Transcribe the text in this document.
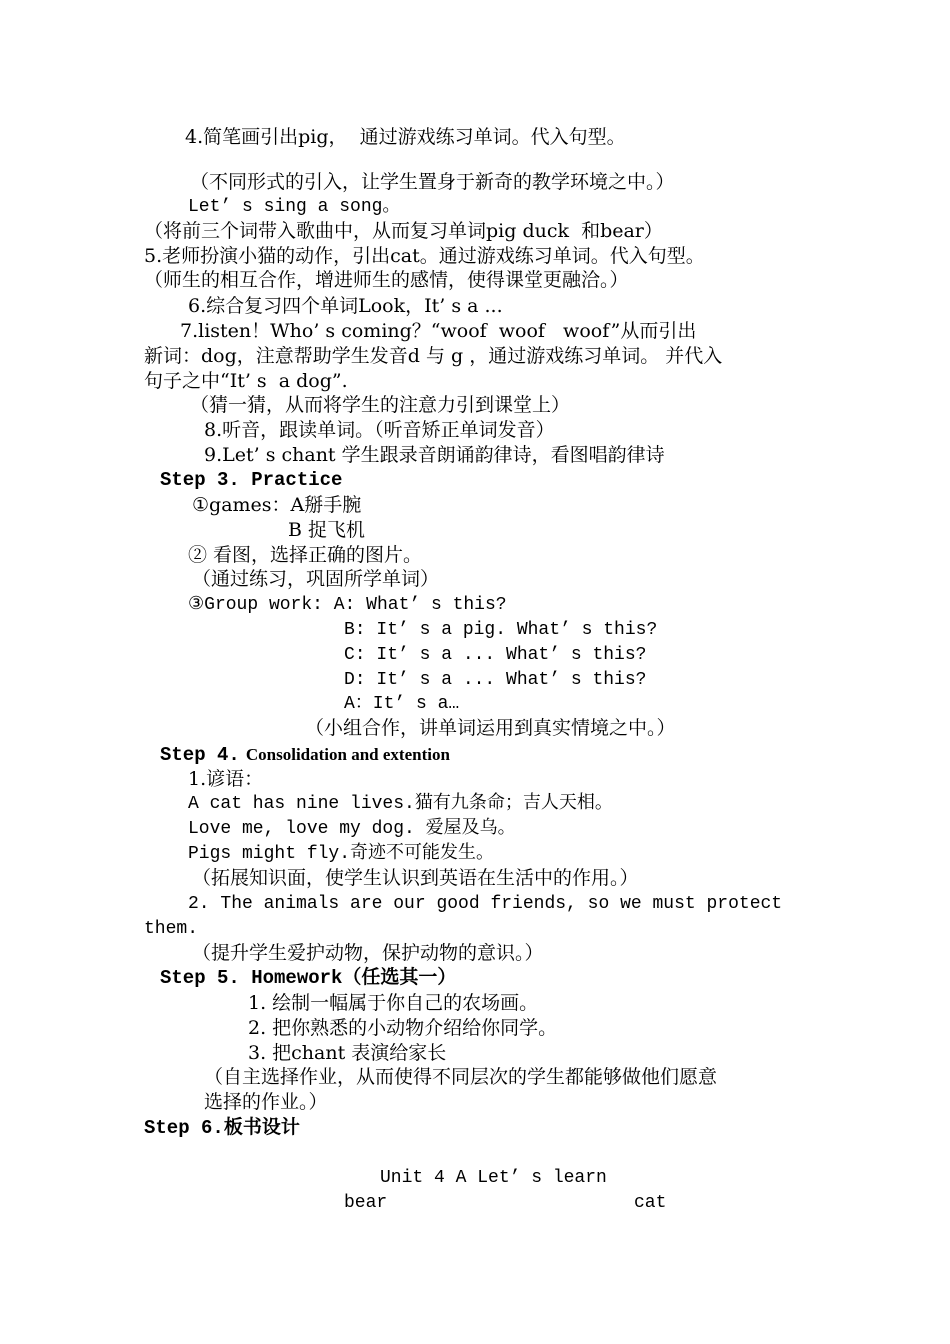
4.简笔画引出pig，  通过游戏练习单词。代入句型。
（不同形式的引入，让学生置身于新奇的教学环境之中。）
Let’ s sing a song。
（将前三个词带入歌曲中，从而复习单词pig duck  和bear）
5.老师扮演小猫的动作，引出cat。通过游戏练习单词。代入句型。
（师生的相互合作，增进师生的感情，使得课堂更融洽。）
6.综合复习四个单词Look，It’ s a ...
7.listen！Who’ s coming？“woof  woof   woof”从而引出
新词：dog，注意帮助学生发音d 与 g ，通过游戏练习单词。 并代入
句子之中“It’ s  a dog”.
（猜一猜，从而将学生的注意力引到课堂上）
8.听音，跟读单词。（听音矫正单词发音）
9.Let’ s chant 学生跟录音朗诵韵律诗，看图唱韵律诗
Step 3. Practice
①games：A掰手腕
B 捉飞机
② 看图，选择正确的图片。
（通过练习，巩固所学单词）
③Group work: A: What’ s this?
B: It’ s a pig. What’ s this?
C: It’ s a ... What’ s this?
D: It’ s a ... What’ s this?
A：It’ s a…
（小组合作，讲单词运用到真实情境之中。）
Step 4. Consolidation and extention
1.谚语：
A cat has nine lives.猫有九条命；吉人天相。
Love me, love my dog. 爱屋及乌。
Pigs might fly.奇迹不可能发生。
（拓展知识面，使学生认识到英语在生活中的作用。）
2. The animals are our good friends, so we must protect
them.
（提升学生爱护动物，保护动物的意识。）
Step 5. Homework（任选其一）
1. 绘制一幅属于你自己的农场画。
2. 把你熟悉的小动物介绍给你同学。
3. 把chant 表演给家长
（自主选择作业，从而使得不同层次的学生都能够做他们愿意
选择的作业。）
Step 6.板书设计
Unit 4 A Let’ s learn
bear	cat
